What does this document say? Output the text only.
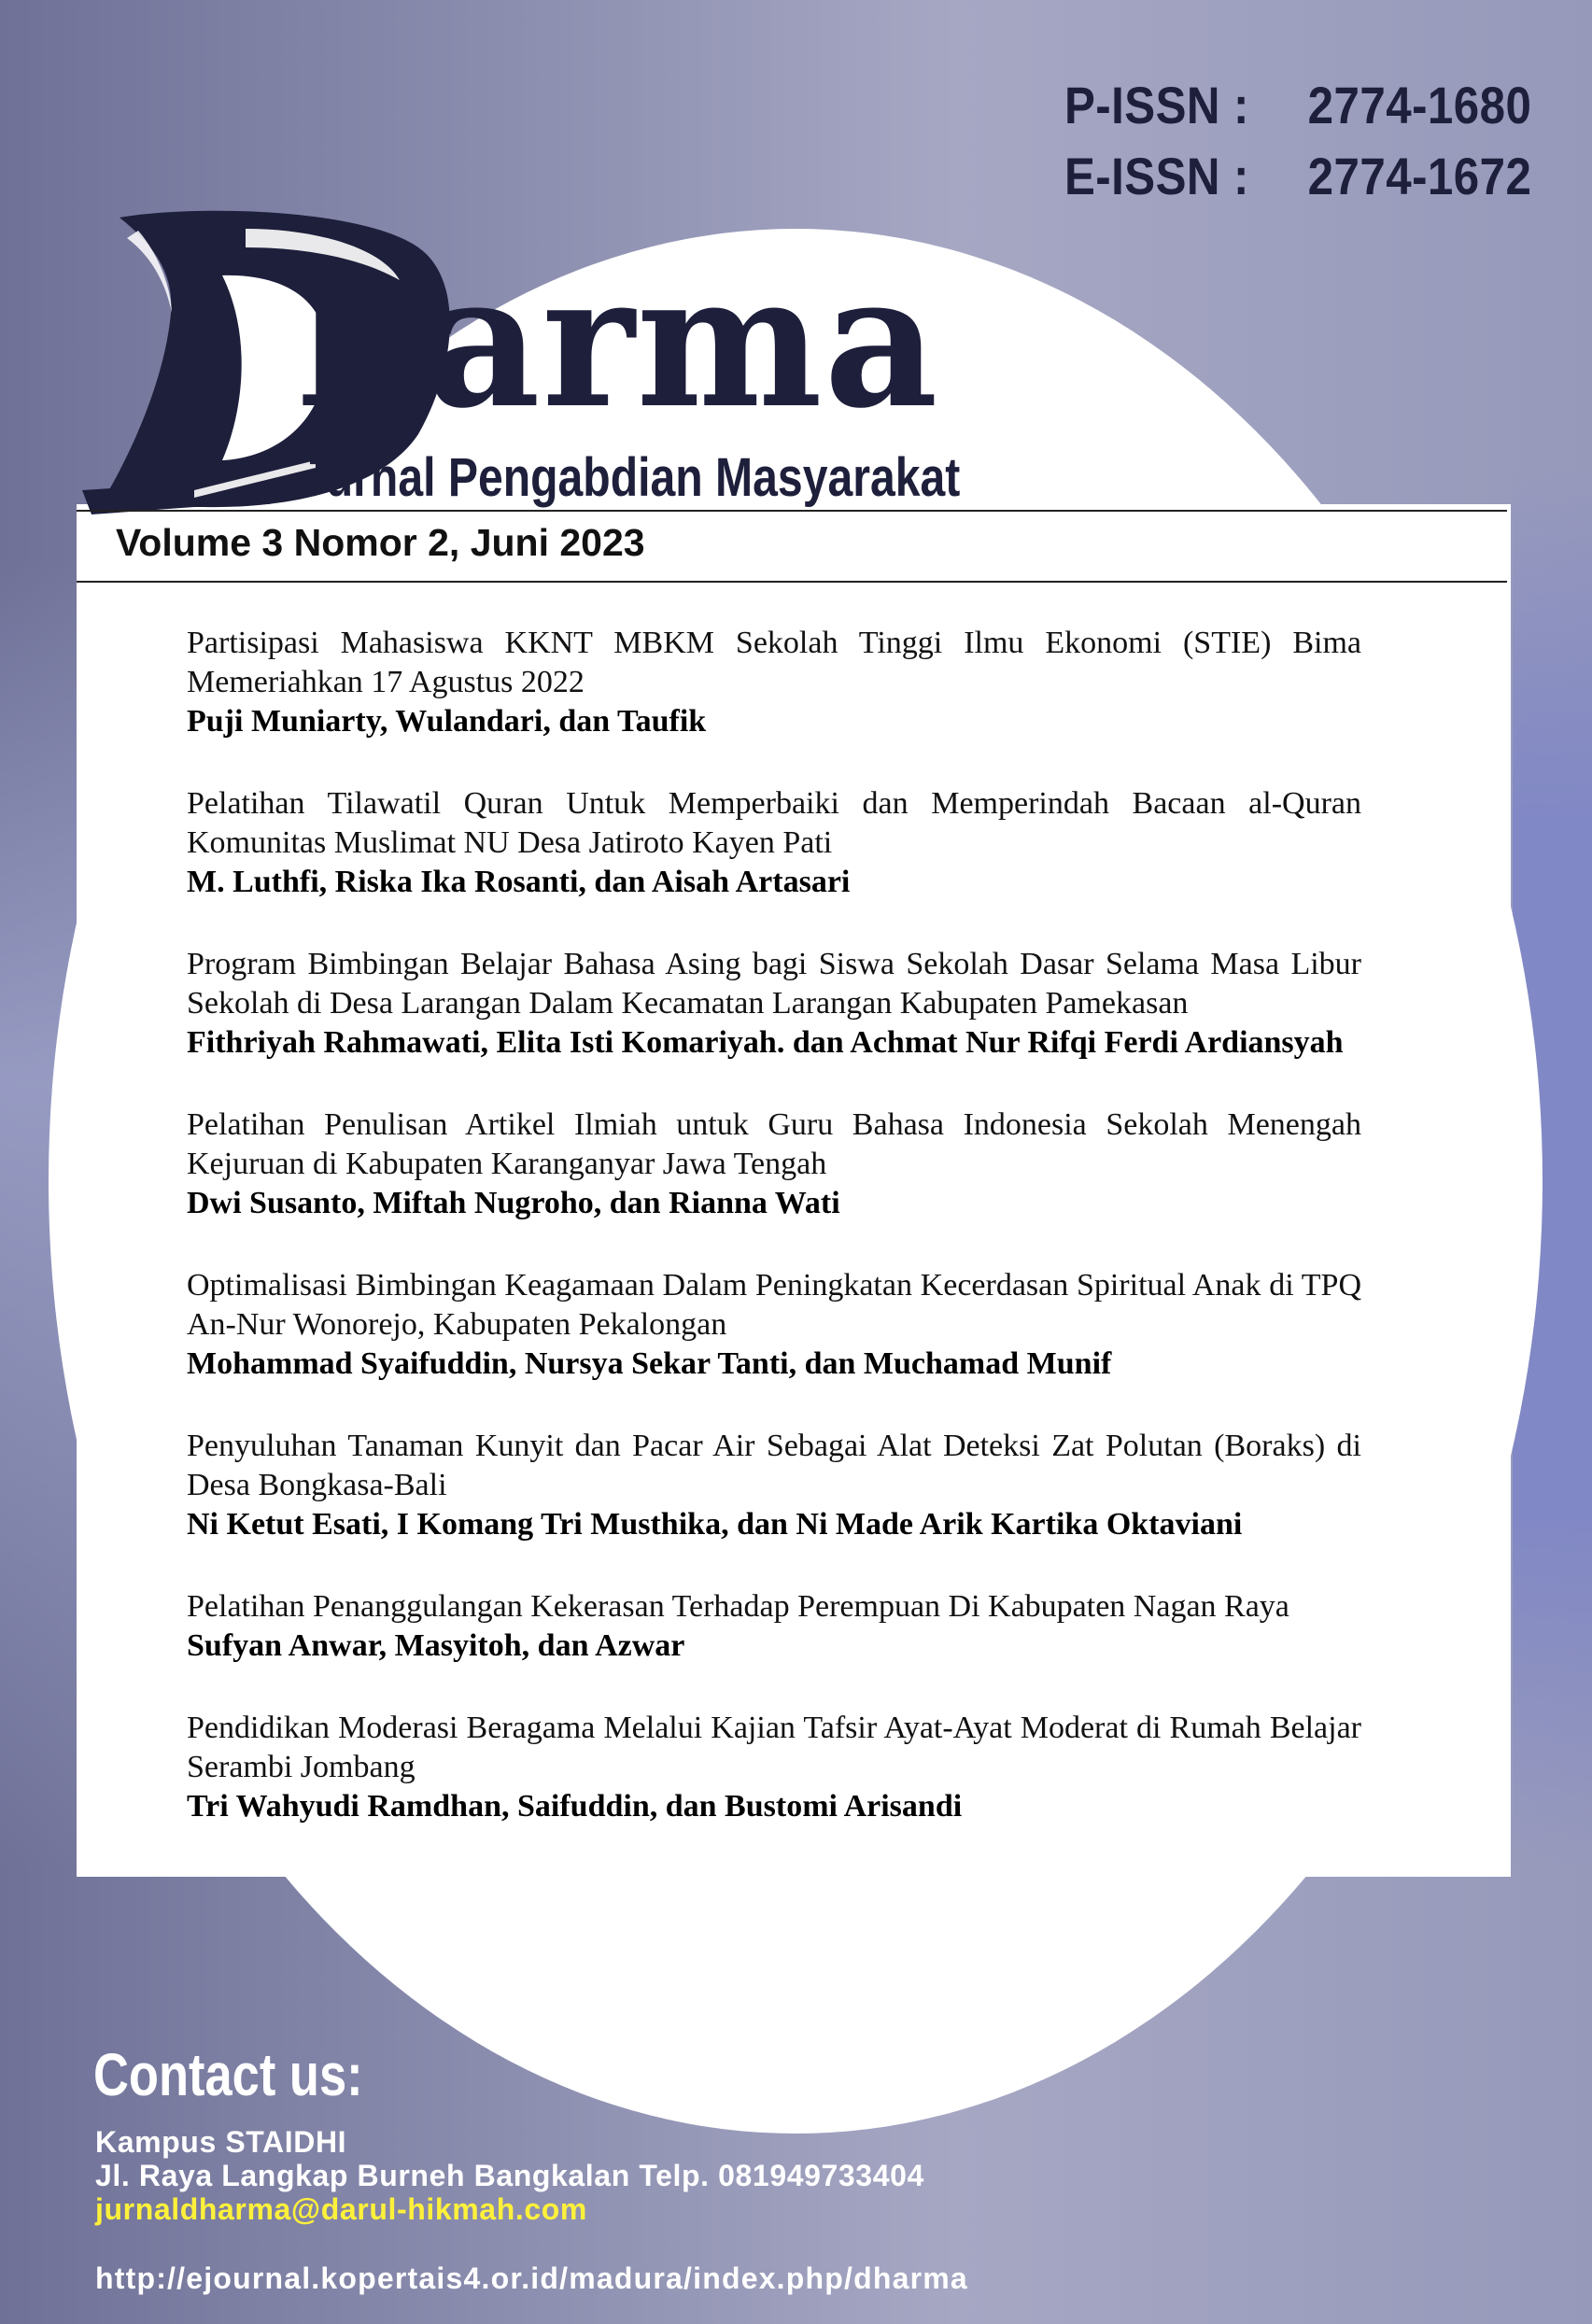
P-ISSN : 2774-1680
E-ISSN : 2774-1672
harma
Jurnal Pengabdian Masyarakat
Volume 3 Nomor 2, Juni 2023
Partisipasi Mahasiswa KKNT MBKM Sekolah Tinggi Ilmu Ekonomi (STIE) Bima Memeriahkan 17 Agustus 2022
Puji Muniarty, Wulandari, dan Taufik
Pelatihan Tilawatil Quran Untuk Memperbaiki dan Memperindah Bacaan al-Quran Komunitas Muslimat NU Desa Jatiroto Kayen Pati
M. Luthfi, Riska Ika Rosanti, dan Aisah Artasari
Program Bimbingan Belajar Bahasa Asing bagi Siswa Sekolah Dasar Selama Masa Libur Sekolah di Desa Larangan Dalam Kecamatan Larangan Kabupaten Pamekasan
Fithriyah Rahmawati, Elita Isti Komariyah. dan Achmat Nur Rifqi Ferdi Ardiansyah
Pelatihan Penulisan Artikel Ilmiah untuk Guru Bahasa Indonesia Sekolah Menengah Kejuruan di Kabupaten Karanganyar Jawa Tengah
Dwi Susanto, Miftah Nugroho, dan Rianna Wati
Optimalisasi Bimbingan Keagamaan Dalam Peningkatan Kecerdasan Spiritual Anak di TPQ An-Nur Wonorejo, Kabupaten Pekalongan
Mohammad Syaifuddin, Nursya Sekar Tanti, dan Muchamad Munif
Penyuluhan Tanaman Kunyit dan Pacar Air Sebagai Alat Deteksi Zat Polutan (Boraks) di Desa Bongkasa-Bali
Ni Ketut Esati, I Komang Tri Musthika, dan Ni Made Arik Kartika Oktaviani
Pelatihan Penanggulangan Kekerasan Terhadap Perempuan Di Kabupaten Nagan Raya
Sufyan Anwar, Masyitoh, dan Azwar
Pendidikan Moderasi Beragama Melalui Kajian Tafsir Ayat-Ayat Moderat di Rumah Belajar Serambi Jombang
Tri Wahyudi Ramdhan, Saifuddin, dan Bustomi Arisandi
Contact us:
Kampus STAIDHI
Jl. Raya Langkap Burneh Bangkalan Telp. 081949733404
jurnaldharma@darul-hikmah.com
http://ejournal.kopertais4.or.id/madura/index.php/dharma
